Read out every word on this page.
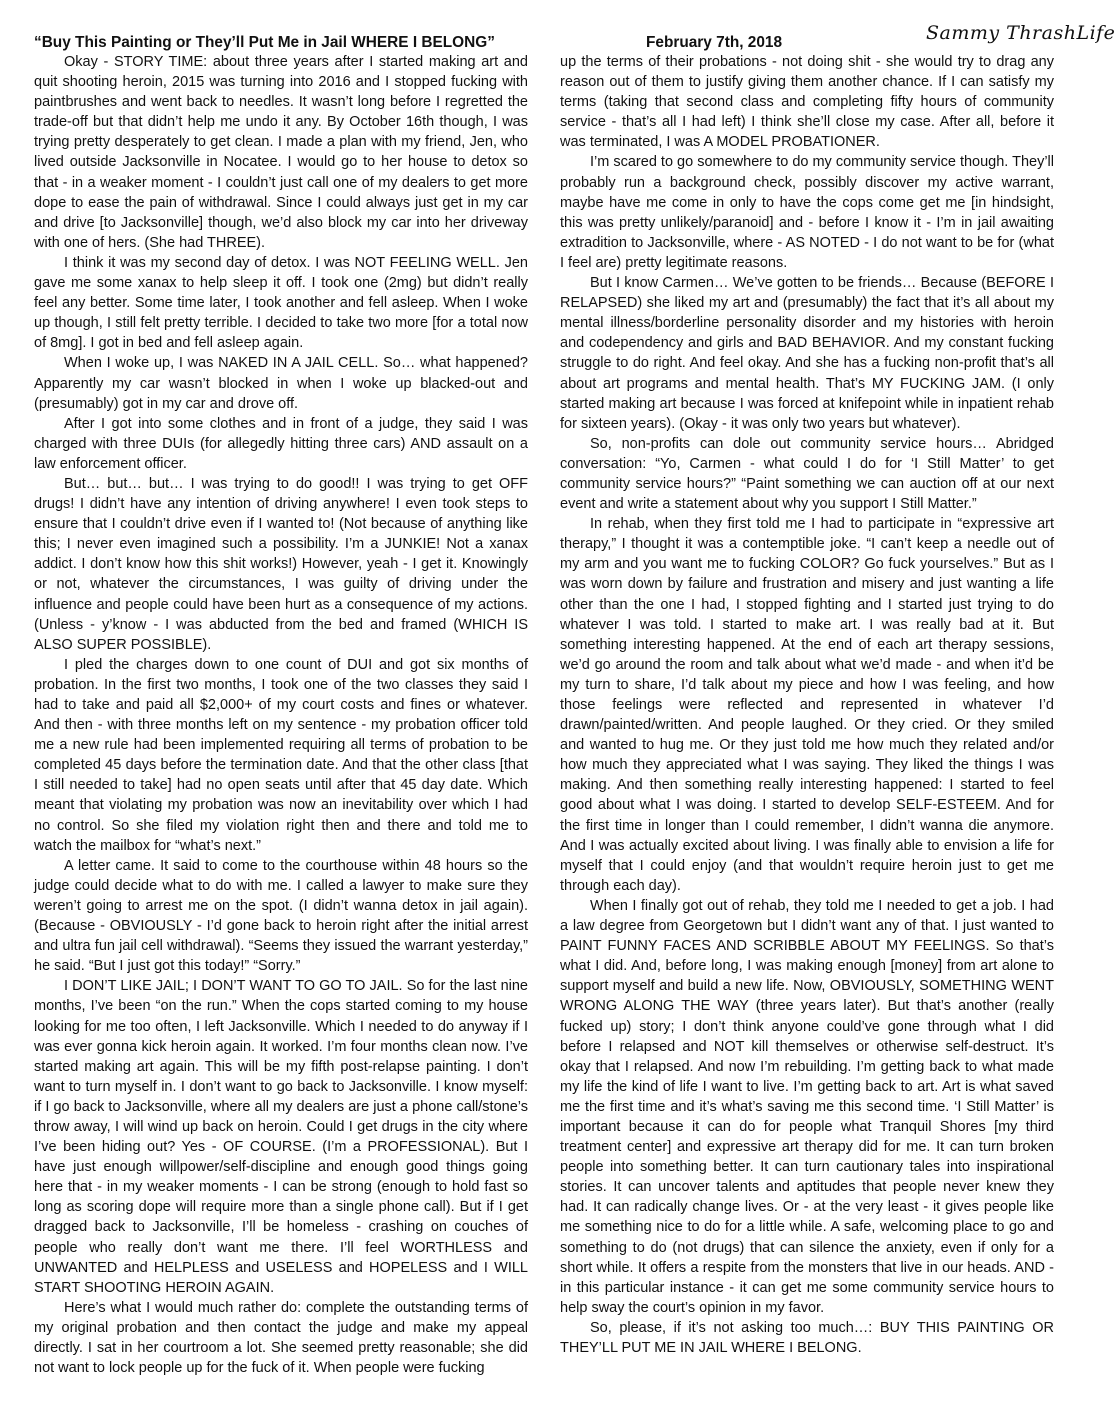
“Buy This Painting or They’ll Put Me in Jail WHERE I BELONG”	February 7th, 2018	Sammy ThrashLife

Okay - STORY TIME: about three years after I started making art and quit shooting heroin, 2015 was turning into 2016 and I stopped fucking with paintbrushes and went back to needles. It wasn’t long before I regretted the trade-off but that didn’t help me undo it any. By October 16th though, I was trying pretty desperately to get clean. I made a plan with my friend, Jen, who lived outside Jacksonville in Nocatee. I would go to her house to detox so that - in a weaker moment - I couldn’t just call one of my dealers to get more dope to ease the pain of withdrawal. Since I could always just get in my car and drive [to Jacksonville] though, we’d also block my car into her driveway with one of hers. (She had THREE).

I think it was my second day of detox. I was NOT FEELING WELL. Jen gave me some xanax to help sleep it off. I took one (2mg) but didn’t really feel any better. Some time later, I took another and fell asleep. When I woke up though, I still felt pretty terrible. I decided to take two more [for a total now of 8mg]. I got in bed and fell asleep again.

When I woke up, I was NAKED IN A JAIL CELL. So… what happened? Apparently my car wasn’t blocked in when I woke up blacked-out and (presumably) got in my car and drove off.

After I got into some clothes and in front of a judge, they said I was charged with three DUIs (for allegedly hitting three cars) AND assault on a law enforcement officer.

But… but… but… I was trying to do good!! I was trying to get OFF drugs! I didn’t have any intention of driving anywhere! I even took steps to ensure that I couldn’t drive even if I wanted to! (Not because of anything like this; I never even imagined such a possibility. I’m a JUNKIE! Not a xanax addict. I don’t know how this shit works!) However, yeah - I get it. Knowingly or not, whatever the circumstances, I was guilty of driving under the influence and people could have been hurt as a consequence of my actions. (Unless - y’know - I was abducted from the bed and framed (WHICH IS ALSO SUPER POSSIBLE).

I pled the charges down to one count of DUI and got six months of probation. In the first two months, I took one of the two classes they said I had to take and paid all $2,000+ of my court costs and fines or whatever. And then - with three months left on my sentence - my probation officer told me a new rule had been implemented requiring all terms of probation to be completed 45 days before the termination date. And that the other class [that I still needed to take] had no open seats until after that 45 day date. Which meant that violating my probation was now an inevitability over which I had no control. So she filed my violation right then and there and told me to watch the mailbox for “what’s next.”

A letter came. It said to come to the courthouse within 48 hours so the judge could decide what to do with me. I called a lawyer to make sure they weren’t going to arrest me on the spot. (I didn’t wanna detox in jail again). (Because - OBVIOUSLY - I’d gone back to heroin right after the initial arrest and ultra fun jail cell withdrawal). “Seems they issued the warrant yesterday,” he said. “But I just got this today!” “Sorry.”

I DON’T LIKE JAIL; I DON’T WANT TO GO TO JAIL. So for the last nine months, I’ve been “on the run.” When the cops started coming to my house looking for me too often, I left Jacksonville. Which I needed to do anyway if I was ever gonna kick heroin again. It worked. I’m four months clean now. I’ve started making art again. This will be my fifth post-relapse painting. I don’t want to turn myself in. I don’t want to go back to Jacksonville. I know myself: if I go back to Jacksonville, where all my dealers are just a phone call/stone’s throw away, I will wind up back on heroin. Could I get drugs in the city where I’ve been hiding out? Yes - OF COURSE. (I’m a PROFESSIONAL). But I have just enough willpower/self-discipline and enough good things going here that - in my weaker moments - I can be strong (enough to hold fast so long as scoring dope will require more than a single phone call). But if I get dragged back to Jacksonville, I’ll be homeless - crashing on couches of people who really don’t want me there. I’ll feel WORTHLESS and UNWANTED and HELPLESS and USELESS and HOPELESS and I WILL START SHOOTING HEROIN AGAIN.

Here’s what I would much rather do: complete the outstanding terms of my original probation and then contact the judge and make my appeal directly. I sat in her courtroom a lot. She seemed pretty reasonable; she did not want to lock people up for the fuck of it. When people were fucking

up the terms of their probations - not doing shit - she would try to drag any reason out of them to justify giving them another chance. If I can satisfy my terms (taking that second class and completing fifty hours of community service - that’s all I had left) I think she’ll close my case. After all, before it was terminated, I was A MODEL PROBATIONER.

I’m scared to go somewhere to do my community service though. They’ll probably run a background check, possibly discover my active warrant, maybe have me come in only to have the cops come get me [in hindsight, this was pretty unlikely/paranoid] and - before I know it - I’m in jail awaiting extradition to Jacksonville, where - AS NOTED - I do not want to be for (what I feel are) pretty legitimate reasons.

But I know Carmen… We’ve gotten to be friends… Because (BEFORE I RELAPSED) she liked my art and (presumably) the fact that it’s all about my mental illness/borderline personality disorder and my histories with heroin and codependency and girls and BAD BEHAVIOR. And my constant fucking struggle to do right. And feel okay. And she has a fucking non-profit that’s all about art programs and mental health. That’s MY FUCKING JAM. (I only started making art because I was forced at knifepoint while in inpatient rehab for sixteen years). (Okay - it was only two years but whatever).

So, non-profits can dole out community service hours… Abridged conversation: “Yo, Carmen - what could I do for ‘I Still Matter’ to get community service hours?” “Paint something we can auction off at our next event and write a statement about why you support I Still Matter.”

In rehab, when they first told me I had to participate in “expressive art therapy,” I thought it was a contemptible joke. “I can’t keep a needle out of my arm and you want me to fucking COLOR? Go fuck yourselves.” But as I was worn down by failure and frustration and misery and just wanting a life other than the one I had, I stopped fighting and I started just trying to do whatever I was told. I started to make art. I was really bad at it. But something interesting happened. At the end of each art therapy sessions, we’d go around the room and talk about what we’d made - and when it’d be my turn to share, I’d talk about my piece and how I was feeling, and how those feelings were reflected and represented in whatever I’d drawn/painted/written. And people laughed. Or they cried. Or they smiled and wanted to hug me. Or they just told me how much they related and/or how much they appreciated what I was saying. They liked the things I was making. And then something really interesting happened: I started to feel good about what I was doing. I started to develop SELF-ESTEEM. And for the first time in longer than I could remember, I didn’t wanna die anymore. And I was actually excited about living. I was finally able to envision a life for myself that I could enjoy (and that wouldn’t require heroin just to get me through each day).

When I finally got out of rehab, they told me I needed to get a job. I had a law degree from Georgetown but I didn’t want any of that. I just wanted to PAINT FUNNY FACES AND SCRIBBLE ABOUT MY FEELINGS. So that’s what I did. And, before long, I was making enough [money] from art alone to support myself and build a new life. Now, OBVIOUSLY, SOMETHING WENT WRONG ALONG THE WAY (three years later). But that’s another (really fucked up) story; I don’t think anyone could’ve gone through what I did before I relapsed and NOT kill themselves or otherwise self-destruct. It’s okay that I relapsed. And now I’m rebuilding. I’m getting back to what made my life the kind of life I want to live. I’m getting back to art. Art is what saved me the first time and it’s what’s saving me this second time. ‘I Still Matter’ is important because it can do for people what Tranquil Shores [my third treatment center] and expressive art therapy did for me. It can turn broken people into something better. It can turn cautionary tales into inspirational stories. It can uncover talents and aptitudes that people never knew they had. It can radically change lives. Or - at the very least - it gives people like me something nice to do for a little while. A safe, welcoming place to go and something to do (not drugs) that can silence the anxiety, even if only for a short while. It offers a respite from the monsters that live in our heads. AND - in this particular instance - it can get me some community service hours to help sway the court’s opinion in my favor.

So, please, if it’s not asking too much…: BUY THIS PAINTING OR THEY’LL PUT ME IN JAIL WHERE I BELONG.
